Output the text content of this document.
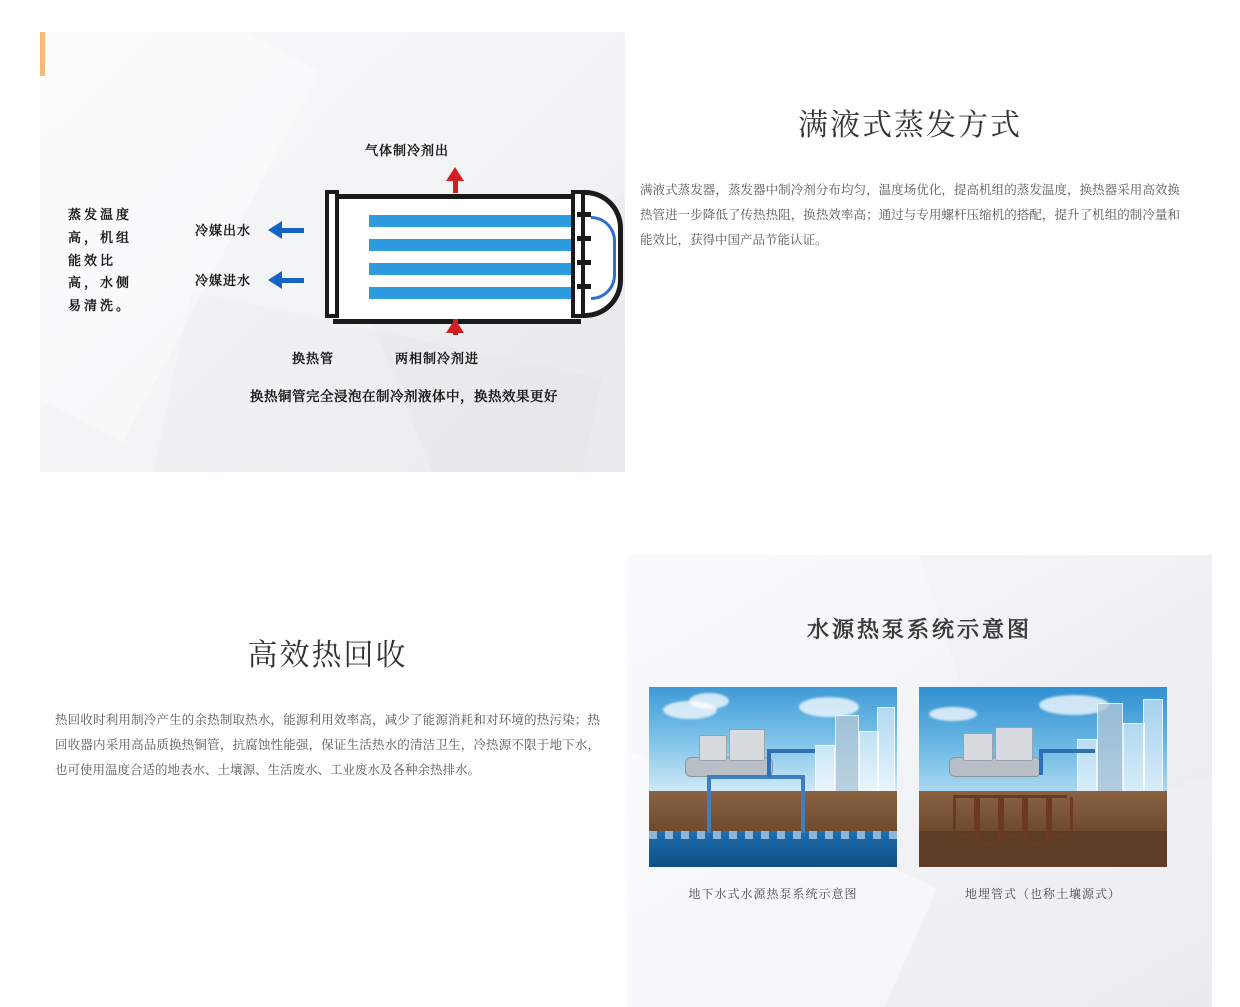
气体制冷剂出
蒸发温度高，机组能效比高，水侧易清洗。
冷媒出水
冷媒进水
换热管	两相制冷剂进
换热铜管完全浸泡在制冷剂液体中，换热效果更好
满液式蒸发方式

满液式蒸发器，蒸发器中制冷剂分布均匀，温度场优化，提高机组的蒸发温度，换热器采用高效换热管进一步降低了传热热阻，换热效率高；通过与专用螺杆压缩机的搭配，提升了机组的制冷量和能效比，获得中国产品节能认证。

高效热回收

热回收时利用制冷产生的余热制取热水，能源利用效率高，减少了能源消耗和对环境的热污染；热回收器内采用高品质换热铜管，抗腐蚀性能强，保证生活热水的清洁卫生，冷热源不限于地下水，也可使用温度合适的地表水、土壤源、生活废水、工业废水及各种余热排水。

水源热泵系统示意图
地下水式水源热泵系统示意图	地埋管式（也称土壤源式）
